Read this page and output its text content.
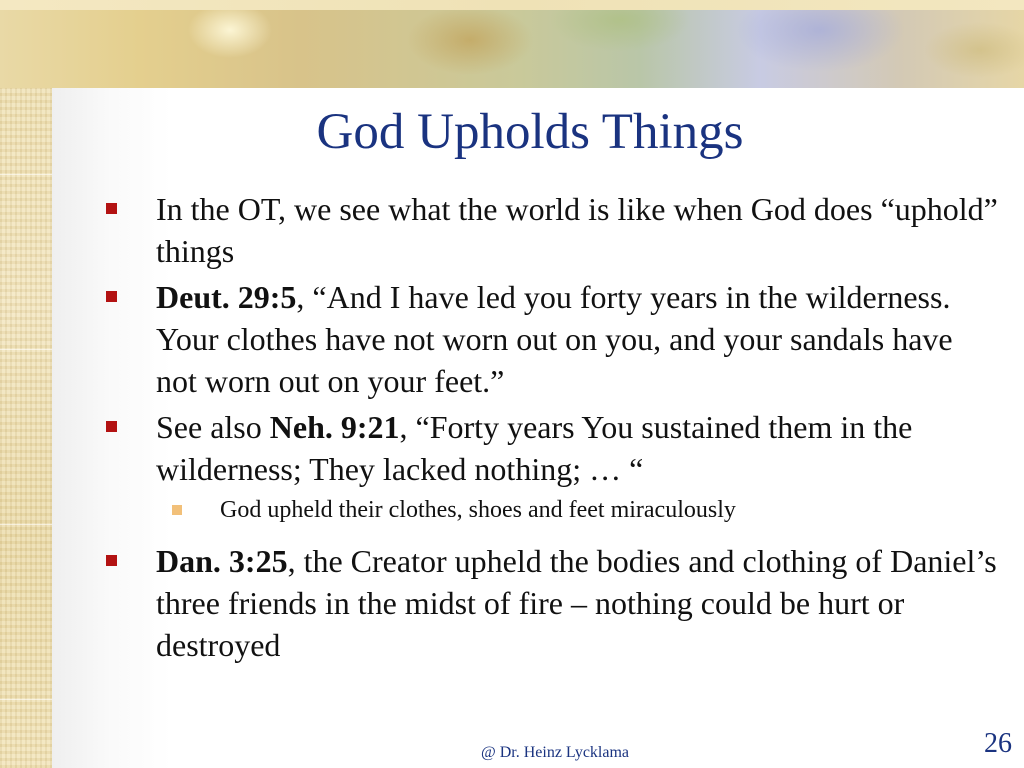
God Upholds Things
In the OT, we see what the world is like when God does “uphold” things
Deut. 29:5, “And I have led you forty years in the wilderness. Your clothes have not worn out on you, and your sandals have not worn out on your feet.”
See also Neh. 9:21, “Forty years You sustained them in the wilderness; They lacked nothing; … “
God upheld their clothes, shoes and feet miraculously
Dan. 3:25, the Creator upheld the bodies and clothing of Daniel’s three friends in the midst of fire – nothing could be hurt or destroyed
@ Dr. Heinz Lycklama	26
